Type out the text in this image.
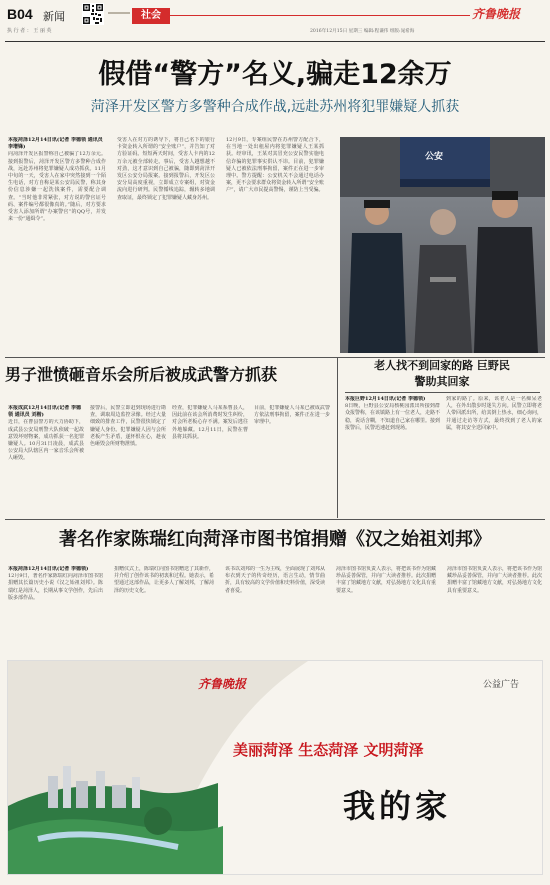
B04 新闻
执 行 者 ： 王 丽 英
社会	齐鲁晚报
2016年12月15日 星期三 编辑:程谦伟 组版:晁希海
假借“警方”名义,骗走12余万
菏泽开发区警方多警种合成作战,远赴苏州将犯罪嫌疑人抓获
本报菏泽12月14日讯(记者 李德领 通讯员 李增锋)
向菏泽开发区报警称自己被骗了12万余元。接到报警后，菏泽开发区警方多警种合成作战，远赴苏州将犯罪嫌疑人成功抓获。11月中旬的一天，受害人在家中突然接到一个陌生电话，对方自称是某公安局民警，称其身份信息涉嫌一起洗钱案件，需要配合调查。“当时他非常紧张，对方说的警官证号码、案件编号都很像真的。”随后，对方要求受害人添加所谓“办案警官”的QQ号，并发来一份“通缉令”。
受害人在对方的诱导下，将自己名下的银行卡资金转入所谓的“安全账户”，并告知了对方验证码。短短两天时间，受害人卡内的12万余元被全部转走。事后，受害人越想越不对劲，这才意识到自己被骗，随即到菏泽开发区公安分局报案。接到报警后，开发区公安分局高度重视，立即成立专案组，对资金流向进行研判。民警循线追踪，辗转多地调查取证，最终锁定了犯罪嫌疑人藏身苏州。
12月9日，专案组民警在苏州警方配合下，在当地一处出租屋内将犯罪嫌疑人王某抓获。经审讯，王某对其冒充公安民警实施电信诈骗的犯罪事实供认不讳。目前，犯罪嫌疑人已被依法刑事拘留，案件正在进一步审理中。警方提醒：公安机关不会通过电话办案，更不会要求群众将资金转入所谓“安全账户”，请广大市民提高警惕，谨防上当受骗。
公安
男子泄愤砸音乐会所后被成武警方抓获
本报成武12月14日讯(记者 李德领 通讯员 刘楷)
近日，在曹县警方的大力协助下，成武县公安局刑警大队侦破一起故意毁坏财物案，成功抓获一名犯罪嫌疑人。10月31日凌晨，成武县公安局大队辖区内一家音乐会所被人砸毁。
接警后，民警立即赶到现场进行勘查，调取周边监控录像。经过大量细致的排查工作，民警很快锁定了嫌疑人身份。犯罪嫌疑人因与会所老板产生矛盾，遂怀恨在心，趁夜色砸毁会所财物泄愤。
经查，犯罪嫌疑人马某系曹县人，因此前在该会所消费时发生纠纷，对会所老板心存不满。案发后逃往外地躲藏。12月11日，民警在曹县将其抓获。
目前，犯罪嫌疑人马某已被成武警方依法刑事拘留，案件正在进一步审理中。
老人找不到回家的路 巨野民警助其回家
本报巨野12月14日讯(记者 李德领)
8日晚，巨野县公安局核桃园派出所接到群众报警称，在该镇路上有一位老人，走路不稳，说话含糊，不知道自己家在哪里。接到报警后，民警迅速赶到现场。
到家的路了。原来，该老人是一名痴呆老人，在外出散步时迷失方向。民警立即将老人带回派出所，给其倒上热水，细心询问，并通过走访等方式，最终找到了老人的家属，将其安全送回家中。
著名作家陈瑞红向菏泽市图书馆捐赠《汉之始祖刘邦》
本报菏泽12月14日讯(记者 李德领)
12月9日，著名作家陈瑞红向菏泽市图书馆捐赠其长篇历史小说《汉之始祖刘邦》。陈瑞红是菏泽人，长期从事文学创作，先后出版多部作品。
捐赠仪式上，陈瑞红向图书馆赠送了其新作，并介绍了创作该书的初衷和过程。她表示，希望通过这部作品，让更多人了解刘邦，了解菏泽的历史文化。
该书以刘邦的一生为主线，全面展现了刘邦从布衣到天子的传奇经历，语言生动，情节曲折，具有较高的文学价值和史料价值，深受读者喜爱。
菏泽市图书馆负责人表示，将把该书作为馆藏珍品妥善保管，并向广大读者推荐。此次捐赠丰富了馆藏地方文献，对弘扬地方文化具有重要意义。
菏泽市图书馆负责人表示，将把该书作为馆藏珍品妥善保管，并向广大读者推荐。此次捐赠丰富了馆藏地方文献，对弘扬地方文化具有重要意义。
齐鲁晚报	公益广告
美丽菏泽 生态菏泽 文明菏泽
我的家
